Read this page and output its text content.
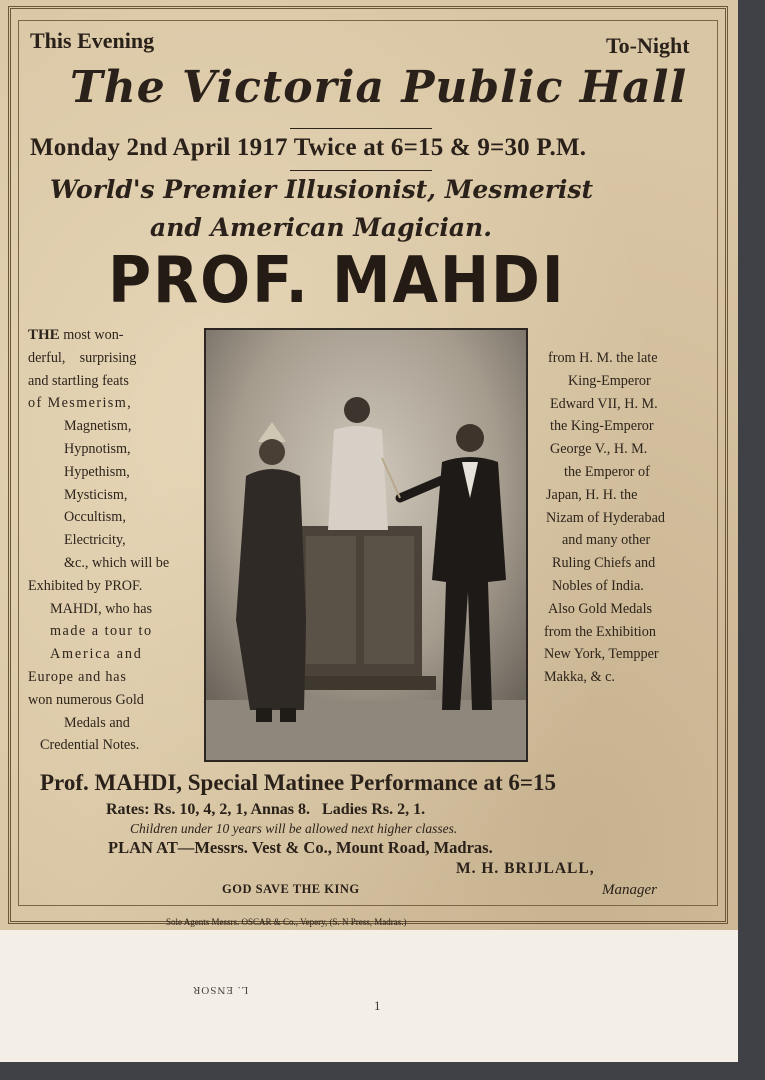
This Evening	To-Night
The Victoria Public Hall
Monday 2nd April 1917 Twice at 6=15 & 9=30 P.M.
World's Premier Illusionist, Mesmerist
and American Magician.
PROF. MAHDI
THE most won-
derful,    surprising
and startling feats
of Mesmerism,
Magnetism,
Hypnotism,
Hypethism,
Mysticism,
Occultism,
Electricity,
&c., which will be
Exhibited by PROF.
MAHDI, who has
made a tour to
America and
Europe and has
won numerous Gold
Medals and
Credential Notes.
from H. M. the late
King-Emperor
Edward VII, H. M.
the King-Emperor
George V., H. M.
the Emperor of
Japan, H. H. the
Nizam of Hyderabad
and many other
Ruling Chiefs and
Nobles of India.
Also Gold Medals
from the Exhibition
New York, Tempper
Makka, & c.
Prof. MAHDI, Special Matinee Performance at 6=15
Rates: Rs. 10, 4, 2, 1, Annas 8.   Ladies Rs. 2, 1.
Children under 10 years will be allowed next higher classes.
PLAN AT—Messrs. Vest & Co., Mount Road, Madras.
M. H. BRIJLALL,
GOD SAVE THE KING	Manager
Sole Agents Messrs. OSCAR & Co., Vepery, (S. N Press, Madras.)
L. ENSOR
1
